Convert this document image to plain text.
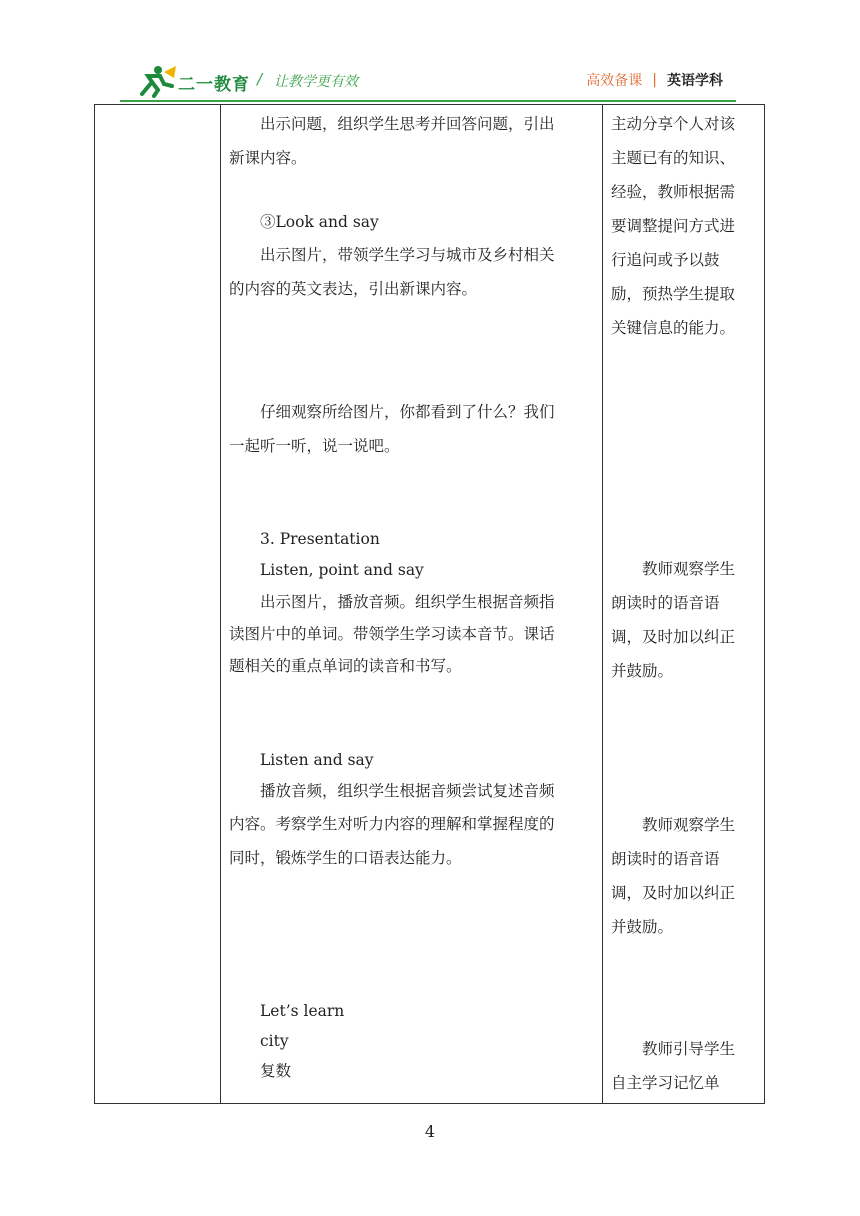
二一教育 / 让教学更有效	高效备课 | 英语学科
　　出示问题，组织学生思考并回答问题，引出
新课内容。
　　③Look and say
　　出示图片，带领学生学习与城市及乡村相关
的内容的英文表达，引出新课内容。
　　仔细观察所给图片，你都看到了什么？我们
一起听一听，说一说吧。
　　3. Presentation
　　Listen, point and say
　　出示图片，播放音频。组织学生根据音频指
读图片中的单词。带领学生学习读本音节。课话
题相关的重点单词的读音和书写。
　　Listen and say
　　播放音频，组织学生根据音频尝试复述音频
内容。考察学生对听力内容的理解和掌握程度的
同时，锻炼学生的口语表达能力。
　　Let’s learn
　　city
　　复数
主动分享个人对该
主题已有的知识、
经验，教师根据需
要调整提问方式进
行追问或予以鼓
励，预热学生提取
关键信息的能力。
　　教师观察学生
朗读时的语音语
调，及时加以纠正
并鼓励。
　　教师观察学生
朗读时的语音语
调，及时加以纠正
并鼓励。
　　教师引导学生
自主学习记忆单
4
